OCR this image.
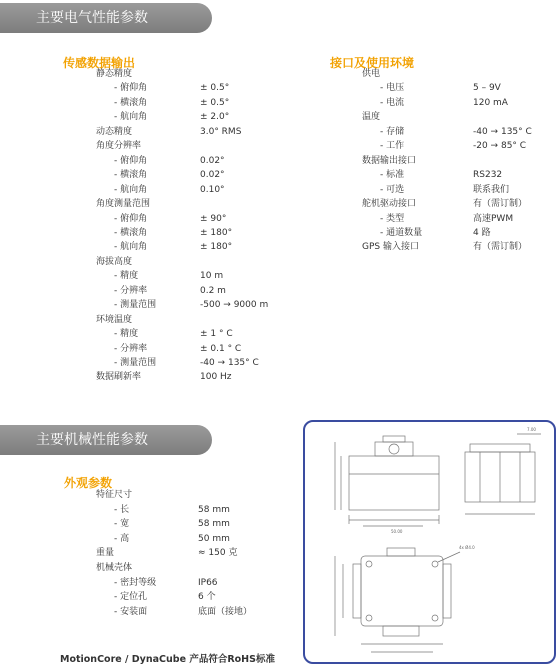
主要电气性能参数
传感数据输出
静态精度
- 俯仰角	± 0.5°
- 横滚角	± 0.5°
- 航向角	± 2.0°
动态精度	3.0° RMS
角度分辨率
- 俯仰角	0.02°
- 横滚角	0.02°
- 航向角	0.10°
角度测量范围
- 俯仰角	± 90°
- 横滚角	± 180°
- 航向角	± 180°
海拔高度
- 精度	10 m
- 分辨率	0.2 m
- 测量范围	-500 → 9000 m
环境温度
- 精度	± 1 ° C
- 分辨率	± 0.1 ° C
- 测量范围	-40 → 135° C
数据刷新率	100 Hz
接口及使用环境
供电
- 电压	5 – 9V
- 电流	120 mA
温度
- 存储	-40 → 135° C
- 工作	-20 → 85° C
数据输出接口
- 标准	RS232
- 可选	联系我们
舵机驱动接口	有（需订制）
- 类型	高速PWM
- 通道数量	4 路
GPS 输入接口	有（需订制）
主要机械性能参数
外观参数
特征尺寸
- 长	58 mm
- 宽	58 mm
- 高	50 mm
重量	≈ 150 克
机械壳体
- 密封等级	IP66
- 定位孔	6 个
- 安装面	底面（接地）
7.00
50.00
4x Ø4.0
MotionCore / DynaCube 产品符合RoHS标准
